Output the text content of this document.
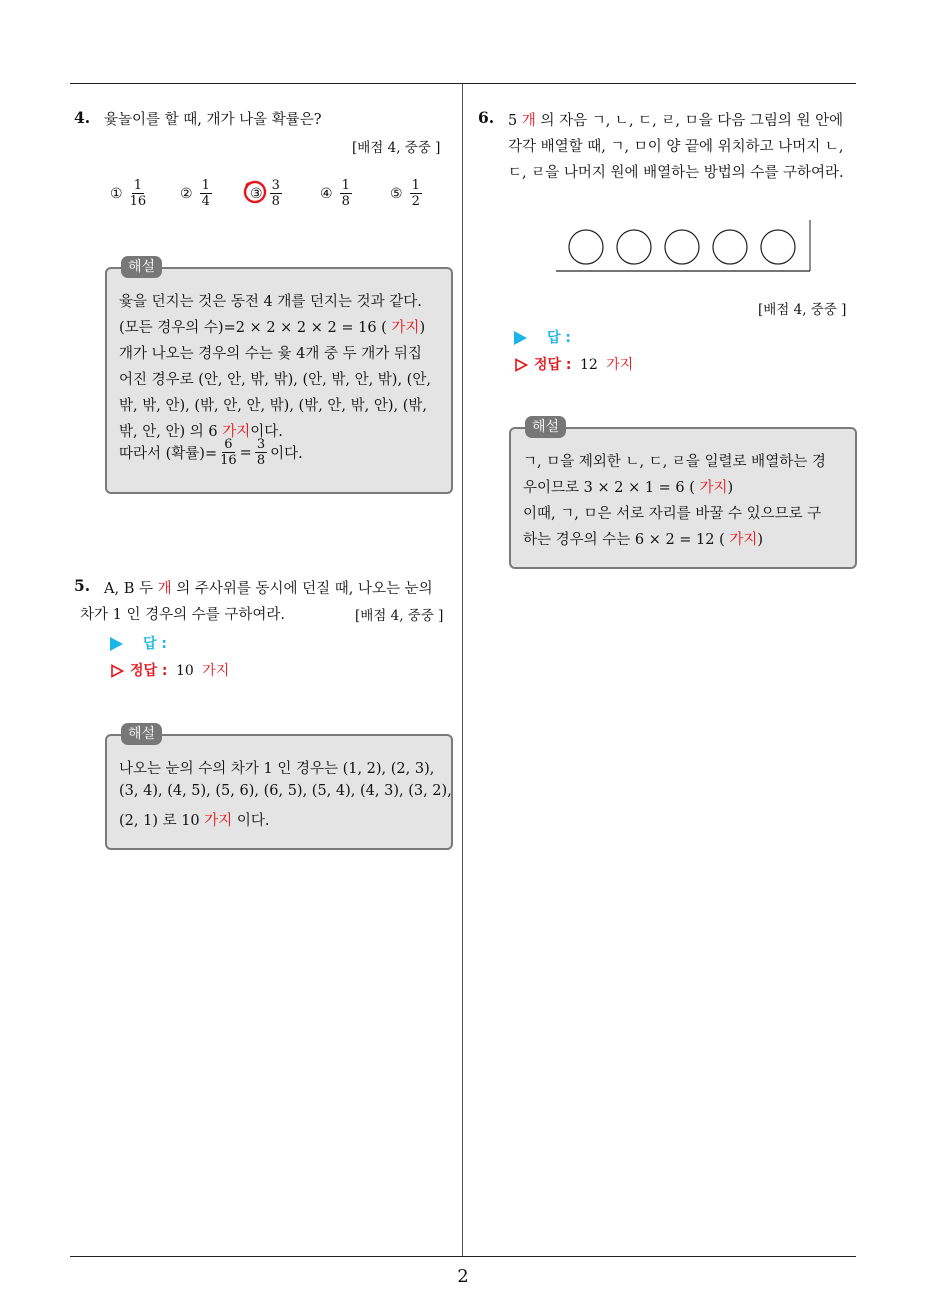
2
4. 윷놀이를 할 때, 개가 나올 확률은?
[배점 4, 중중 ]
① $\frac{1}{16}$ ② $\frac{1}{4}$	③ $\frac{3}{8}$	④ $\frac{1}{8}$	⑤ $\frac{1}{2}$
해설
윷을 던지는 것은 동전 4 개를 던지는 것과 같다.
(모든 경우의 수)=2 × 2 × 2 × 2 = 16 ( 가지)
개가 나오는 경우의 수는 윷 4개 중 두 개가 뒤집
어진 경우로 (안, 안, 밖, 밖), (안, 밖, 안, 밖), (안,
밖, 밖, 안), (밖, 안, 안, 밖), (밖, 안, 밖, 안), (밖,
밖, 안, 안) 의 6 가지이다.
따라서 (확률)= $\frac{6}{16} = \frac{3}{8}$ 이다.
5. A, B 두 개 의 주사위를 동시에 던질 때, 나오는 눈의
차가 1 인 경우의 수를 구하여라.	[배점 4, 중중 ]
답 :
정답 : 10 가지
해설
나오는 눈의 수의 차가 1 인 경우는 (1, 2), (2, 3),
(3, 4), (4, 5), (5, 6), (6, 5), (5, 4), (4, 3), (3, 2),
(2, 1) 로 10 가지 이다.
6. 5 개 의 자음 ㄱ, ㄴ, ㄷ, ㄹ, ㅁ을 다음 그림의 원 안에
각각 배열할 때, ㄱ, ㅁ이 양 끝에 위치하고 나머지 ㄴ,
ㄷ, ㄹ을 나머지 원에 배열하는 방법의 수를 구하여라.
[배점 4, 중중 ]
답 :
정답 : 12 가지
해설
ㄱ, ㅁ을 제외한 ㄴ, ㄷ, ㄹ을 일렬로 배열하는 경
우이므로 3 × 2 × 1 = 6 ( 가지)
이때, ㄱ, ㅁ은 서로 자리를 바꿀 수 있으므로 구
하는 경우의 수는 6 × 2 = 12 ( 가지)
